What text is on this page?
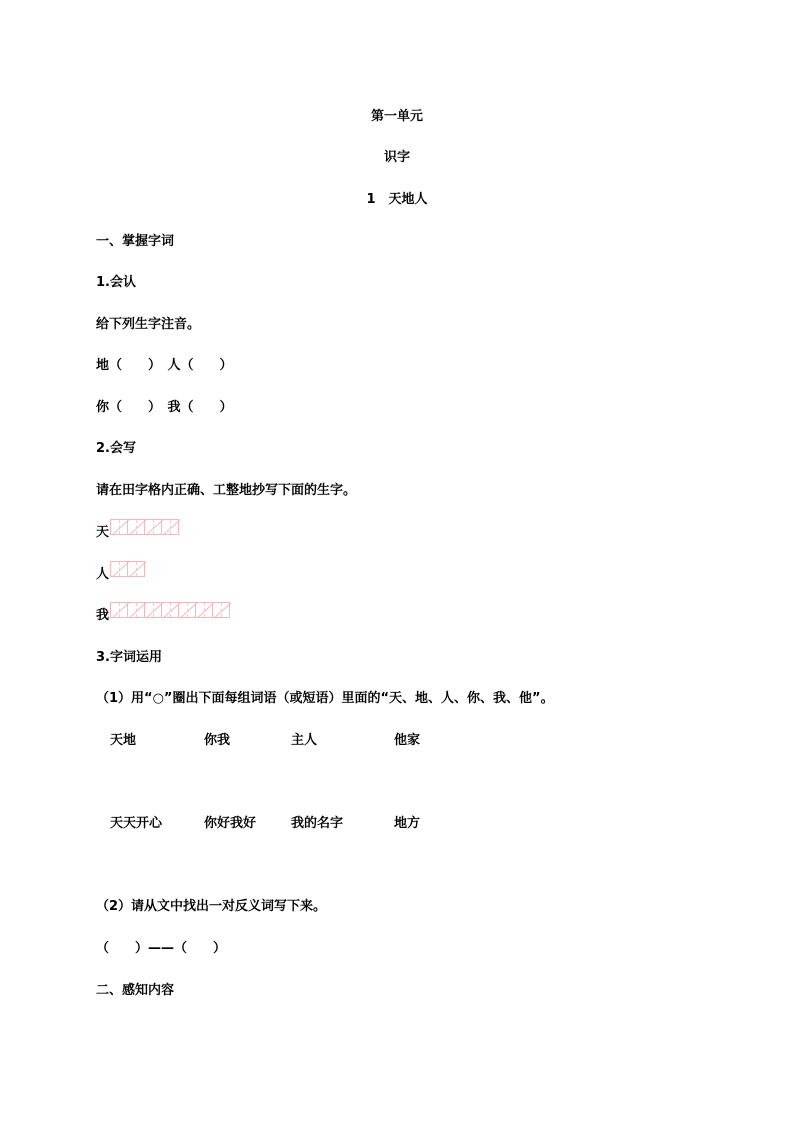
第一单元
识字
1　天地人
一、掌握字词
1.会认
给下列生字注音。
地（　　）　人（　　）
你（　　）　我（　　）
2.会写
请在田字格内正确、工整地抄写下面的生字。
天
人
我
3.字词运用
（1）用“○”圈出下面每组词语（或短语）里面的“天、地、人、你、我、他”。
天地	你我	主人	他家
天天开心	你好我好	我的名字	地方
（2）请从文中找出一对反义词写下来。
（　　）——（　　）
二、感知内容
